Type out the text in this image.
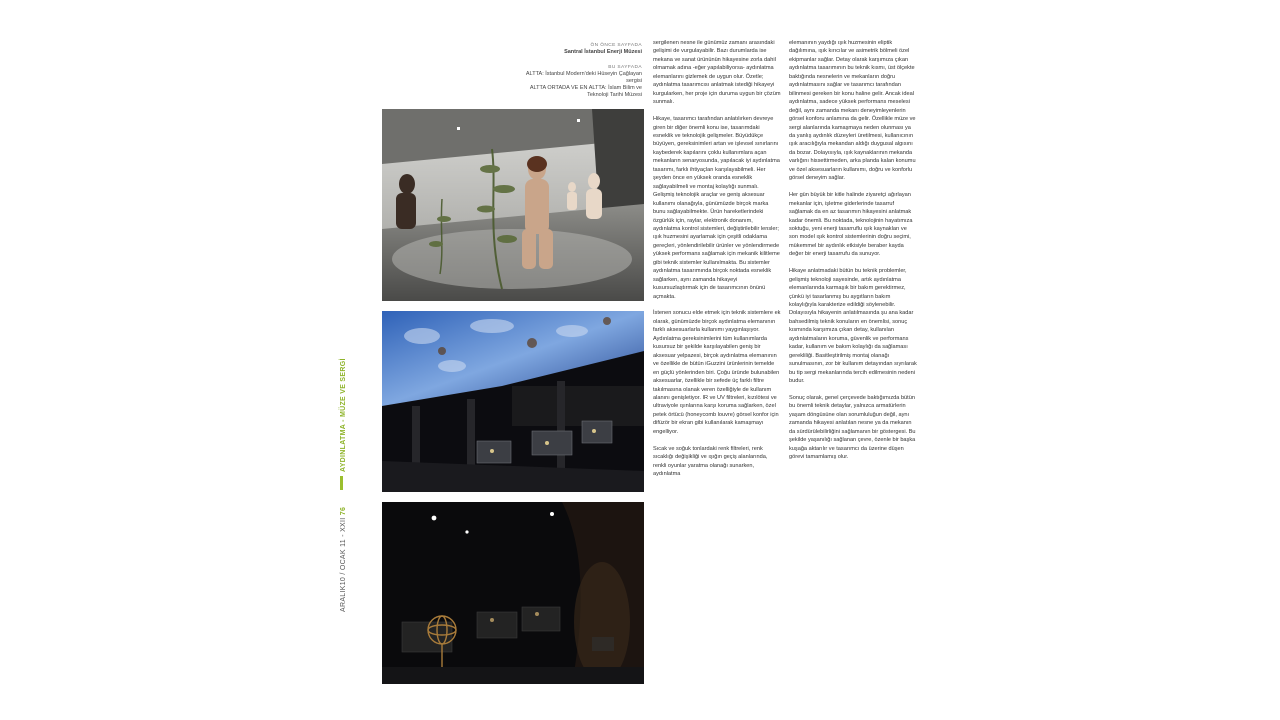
AYDINLATMA - MÜZE VE SERGİ
ARALIK10 / OCAK 11 - XXII 76
ÖN ÖNCE SAYFADA
Santral İstanbul Enerji Müzesi
BU SAYFADA
ALTTA: İstanbul Modern'deki Hüseyin Çağlayan
sergisi
ALTTA ORTADA VE EN ALTTA: İslam Bilim ve
Teknoloji Tarihi Müzesi

sergilenen nesne ile günümüz zamanı arasındaki gelişimi de vurgulayabilir. Bazı durumlarda ise mekana ve sanat ürününün hikayesine zorla dahil olmamak adına -eğer yapılabiliyorsa- aydınlatma elemanlarını gizlemek de uygun olur. Özetle; aydınlatma tasarımcısı anlatmak istediği hikayeyi kurgularken, her proje için duruma uygun bir çözüm sunmalı.

Hikaye, tasarımcı tarafından anlatılırken devreye giren bir diğer önemli konu ise, tasarımdaki esneklik ve teknolojik gelişmeler. Büyüdükçe büyüyen, gereksinimleri artan ve işlevsel sınırlarını kaybederek kapılarını çoklu kullanımlara açan mekanların senaryosunda, yapılacak iyi aydınlatma tasarımı, farklı ihtiyaçları karşılayabilmeli. Her şeyden önce en yüksek oranda esneklik sağlayabilmeli ve montaj kolaylığı sunmalı. Gelişmiş teknolojik araçlar ve geniş aksesuar kullanımı olanağıyla, günümüzde birçok marka bunu sağlayabilmekte. Ürün hareketlerindeki özgürlük için, raylar, elektronik donanım, aydınlatma kontrol sistemleri, değiştirilebilir lensler; ışık huzmesini ayarlamak için çeşitli odaklama gereçleri, yönlendirilebilir ürünler ve yönlendirmede yüksek performans sağlamak için mekanik kilitleme gibi teknik sistemler kullanılmakta. Bu sistemler aydınlatma tasarımında birçok noktada esneklik sağlarken, aynı zamanda hikayeyi kusursuzlaştırmak için de tasarımcının önünü açmakta.

İstenen sonucu elde etmek için teknik sistemlere ek olarak, günümüzde birçok aydınlatma elemanının farklı aksesuarlarla kullanımı yaygınlaşıyor. Aydınlatma gereksinimlerini tüm kullanımlarda kusursuz bir şekilde karşılayabilen geniş bir aksesuar yelpazesi, birçok aydınlatma elemanının ve özellikle de bütün iGuzzini ürünlerinin temelde en güçlü yönlerinden biri. Çoğu üründe bulunabilen aksesuarlar, özellikle bir sefede üç farklı filtre takılmasına olanak veren özelliğiyle de kullanım alanını genişletiyor. IR ve UV filtreleri, kızılötesi ve ultraviyole ışınlarına karşı koruma sağlarken, özel petek örtücü (honeycomb louvre) görsel konfor için difüzör bir ekran gibi kullanılarak kamaşmayı engelliyor.

Sıcak ve soğuk tonlardaki renk filtreleri, renk sıcaklığı değişikliği ve ışığın geçiş alanlarında, renkli oyunlar yaratma olanağı sunarken, aydınlatma

elemanının yaydığı ışık huzmesinin eliptik dağılımına, ışık kırıcılar ve asimetrik bölmeli özel ekipmanlar sağlar. Detay olarak karşımıza çıkan aydınlatma tasarımının bu teknik kısmı, üst ölçekte baktığında nesnelerin ve mekanların doğru aydınlatmasını sağlar ve tasarımcı tarafından bilinmesi gereken bir konu haline gelir. Ancak ideal aydınlatma, sadece yüksek performans meselesi değil, aynı zamanda mekanı deneyimleyenlerin görsel konforu anlamına da gelir. Özellikle müze ve sergi alanlarında kamaşmaya neden olunması ya da yanlış aydınlık düzeyleri üretilmesi, kullanıcının ışık aracılığıyla mekandan aldığı duygusal algısını da bozar. Dolayısıyla, ışık kaynaklarının mekanda varlığını hissettirmeden, arka planda kalan konumu ve özel aksesuarların kullanımı, doğru ve konforlu görsel deneyim sağlar.

Her gün büyük bir kitle halinde ziyaretçi ağırlayan mekanlar için, işletme giderlerinde tasarruf sağlamak da en az tasarımın hikayesini anlatmak kadar önemli. Bu noktada, teknolojinin hayatımıza soktuğu, yeni enerji tasarruflu ışık kaynakları ve son model ışık kontrol sistemlerinin doğru seçimi, mükemmel bir aydınlık etkisiyle beraber kayda değer bir enerji tasarrufu da sunuyor.

Hikaye anlatmadaki bütün bu teknik problemler, gelişmiş teknoloji sayesinde, artık aydınlatma elemanlarında karmaşık bir bakım gerektirmez, çünkü iyi tasarlanmış bu aygıtların bakım kolaylığıyla karakterize edildiği söylenebilir. Dolayısıyla hikayenin anlatılmasında şu ana kadar bahsedilmiş teknik konuların en önemlisi, sonuç kısmında karşımıza çıkan detay, kullanılan aydınlatmaların koruma, güvenlik ve performans kadar, kullanım ve bakım kolaylığı da sağlaması gerekliliği. Basitleştirilmiş montaj olanağı sunulmasının, zor bir kullanım detayından sıyrılarak bu tip sergi mekanlarında tercih edilmesinin nedeni budur.

Sonuç olarak, genel çerçevede baktığımızda bütün bu önemli teknik detaylar, yalnızca armatürlerin yaşam döngüsüne olan sorumluluğun değil, aynı zamanda hikayesi anlatılan nesne ya da mekanın da sürdürülebilirliğini sağlamanın bir göstergesi. Bu şekilde yaşanılığı sağlanan çevre, özenle bir başka kuşağa aktarılır ve tasarımcı da üzerine düşen görevi tamamlamış olur.
